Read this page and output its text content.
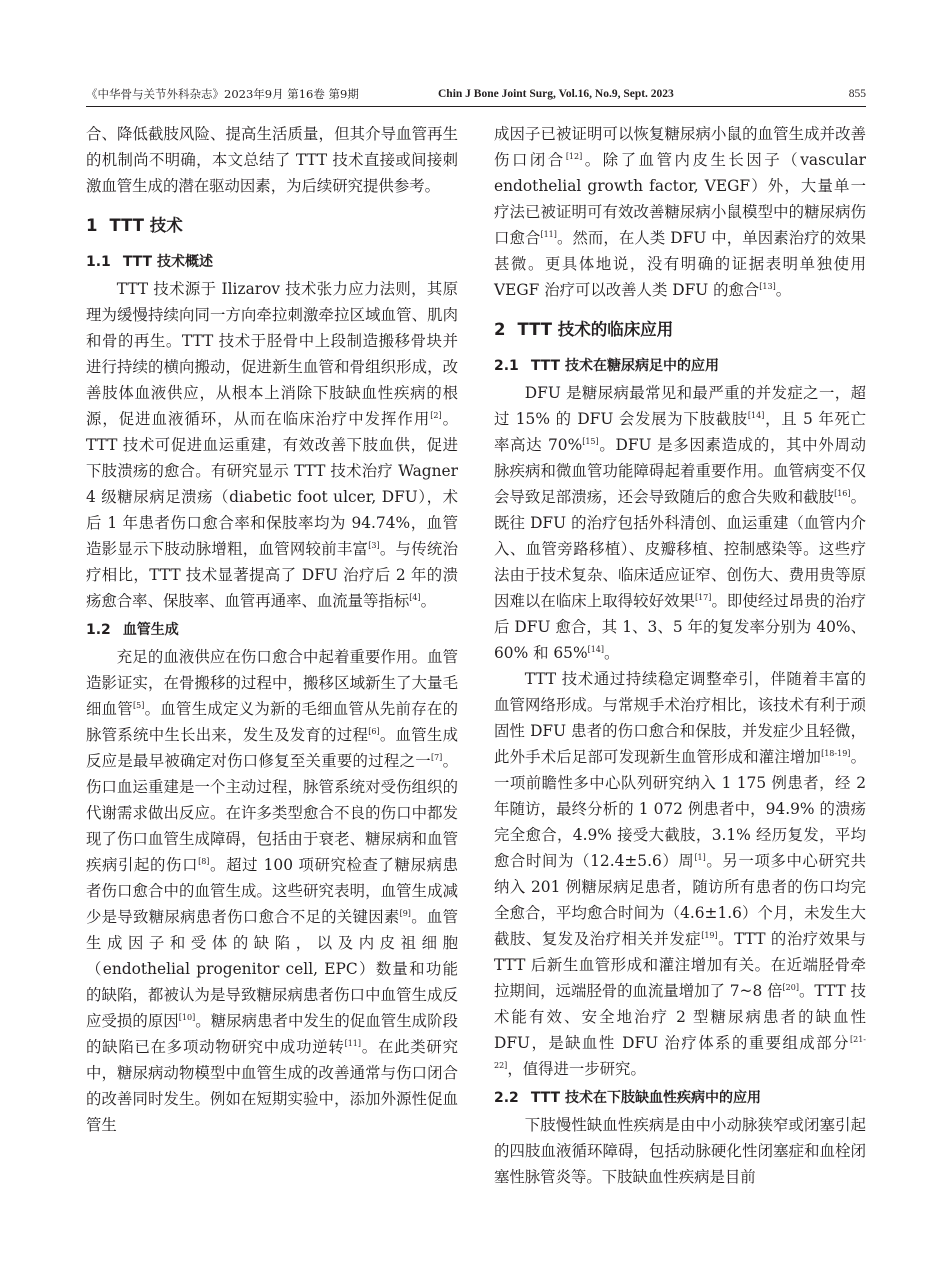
《中华骨与关节外科杂志》2023年9月 第16卷 第9期	Chin J Bone Joint Surg, Vol.16, No.9, Sept. 2023	855

合、降低截肢风险、提高生活质量，但其介导血管再生的机制尚不明确，本文总结了 TTT 技术直接或间接刺激血管生成的潜在驱动因素，为后续研究提供参考。

1 TTT 技术
1.1 TTT 技术概述

TTT 技术源于 Ilizarov 技术张力应力法则，其原理为缓慢持续向同一方向牵拉刺激牵拉区域血管、肌肉和骨的再生。TTT 技术于胫骨中上段制造搬移骨块并进行持续的横向搬动，促进新生血管和骨组织形成，改善肢体血液供应，从根本上消除下肢缺血性疾病的根源，促进血液循环，从而在临床治疗中发挥作用[2]。TTT 技术可促进血运重建，有效改善下肢血供，促进下肢溃疡的愈合。有研究显示 TTT 技术治疗 Wagner 4 级糖尿病足溃疡（diabetic foot ulcer, DFU），术后 1 年患者伤口愈合率和保肢率均为 94.74%，血管造影显示下肢动脉增粗，血管网较前丰富[3]。与传统治疗相比，TTT 技术显著提高了 DFU 治疗后 2 年的溃疡愈合率、保肢率、血管再通率、血流量等指标[4]。

1.2 血管生成

充足的血液供应在伤口愈合中起着重要作用。血管造影证实，在骨搬移的过程中，搬移区域新生了大量毛细血管[5]。血管生成定义为新的毛细血管从先前存在的脉管系统中生长出来，发生及发育的过程[6]。血管生成反应是最早被确定对伤口修复至关重要的过程之一[7]。伤口血运重建是一个主动过程，脉管系统对受伤组织的代谢需求做出反应。在许多类型愈合不良的伤口中都发现了伤口血管生成障碍，包括由于衰老、糖尿病和血管疾病引起的伤口[8]。超过 100 项研究检查了糖尿病患者伤口愈合中的血管生成。这些研究表明，血管生成减少是导致糖尿病患者伤口愈合不足的关键因素[9]。血管生成因子和受体的缺陷，以及内皮祖细胞（endothelial progenitor cell, EPC）数量和功能的缺陷，都被认为是导致糖尿病患者伤口中血管生成反应受损的原因[10]。糖尿病患者中发生的促血管生成阶段的缺陷已在多项动物研究中成功逆转[11]。在此类研究中，糖尿病动物模型中血管生成的改善通常与伤口闭合的改善同时发生。例如在短期实验中，添加外源性促血管生

成因子已被证明可以恢复糖尿病小鼠的血管生成并改善伤口闭合[12]。除了血管内皮生长因子（vascular endothelial growth factor, VEGF）外，大量单一疗法已被证明可有效改善糖尿病小鼠模型中的糖尿病伤口愈合[11]。然而，在人类 DFU 中，单因素治疗的效果甚微。更具体地说，没有明确的证据表明单独使用 VEGF 治疗可以改善人类 DFU 的愈合[13]。

2 TTT 技术的临床应用
2.1 TTT 技术在糖尿病足中的应用

DFU 是糖尿病最常见和最严重的并发症之一，超过 15% 的 DFU 会发展为下肢截肢[14]，且 5 年死亡率高达 70%[15]。DFU 是多因素造成的，其中外周动脉疾病和微血管功能障碍起着重要作用。血管病变不仅会导致足部溃疡，还会导致随后的愈合失败和截肢[16]。既往 DFU 的治疗包括外科清创、血运重建（血管内介入、血管旁路移植）、皮瓣移植、控制感染等。这些疗法由于技术复杂、临床适应证窄、创伤大、费用贵等原因难以在临床上取得较好效果[17]。即使经过昂贵的治疗后 DFU 愈合，其 1、3、5 年的复发率分别为 40%、60% 和 65%[14]。

TTT 技术通过持续稳定调整牵引，伴随着丰富的血管网络形成。与常规手术治疗相比，该技术有利于顽固性 DFU 患者的伤口愈合和保肢，并发症少且轻微，此外手术后足部可发现新生血管形成和灌注增加[18-19]。一项前瞻性多中心队列研究纳入 1 175 例患者，经 2 年随访，最终分析的 1 072 例患者中，94.9% 的溃疡完全愈合，4.9% 接受大截肢，3.1% 经历复发，平均愈合时间为（12.4±5.6）周[1]。另一项多中心研究共纳入 201 例糖尿病足患者，随访所有患者的伤口均完全愈合，平均愈合时间为（4.6±1.6）个月，未发生大截肢、复发及治疗相关并发症[19]。TTT 的治疗效果与 TTT 后新生血管形成和灌注增加有关。在近端胫骨牵拉期间，远端胫骨的血流量增加了 7~8 倍[20]。TTT 技术能有效、安全地治疗 2 型糖尿病患者的缺血性 DFU，是缺血性 DFU 治疗体系的重要组成部分[21-22]，值得进一步研究。

2.2 TTT 技术在下肢缺血性疾病中的应用

下肢慢性缺血性疾病是由中小动脉狭窄或闭塞引起的四肢血液循环障碍，包括动脉硬化性闭塞症和血栓闭塞性脉管炎等。下肢缺血性疾病是目前
